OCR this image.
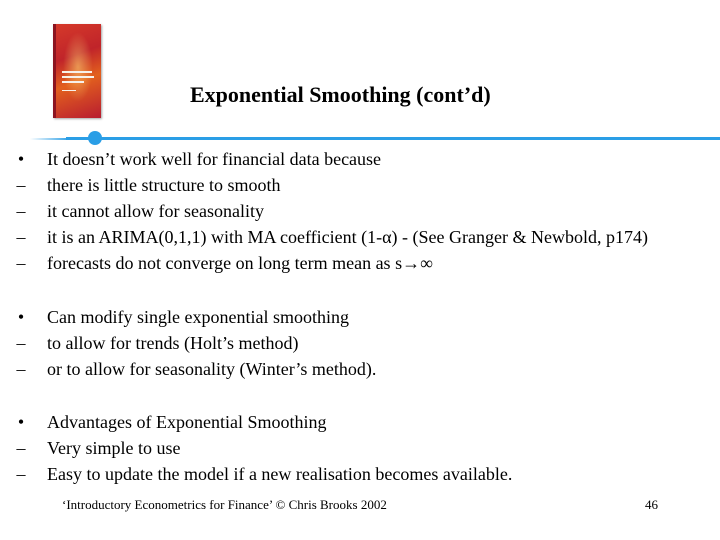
Exponential Smoothing (cont’d)
• It doesn’t work well for financial data because
– there is little structure to smooth
– it cannot allow for seasonality
– it is an ARIMA(0,1,1) with MA coefficient (1-α) - (See Granger & Newbold, p174)
– forecasts do not converge on long term mean as s→∞
• Can modify single exponential smoothing
– to allow for trends (Holt’s method)
– or to allow for seasonality (Winter’s method).
• Advantages of Exponential Smoothing
– Very simple to use
– Easy to update the model if a new realisation becomes available.
‘Introductory Econometrics for Finance’ © Chris Brooks 2002	46
